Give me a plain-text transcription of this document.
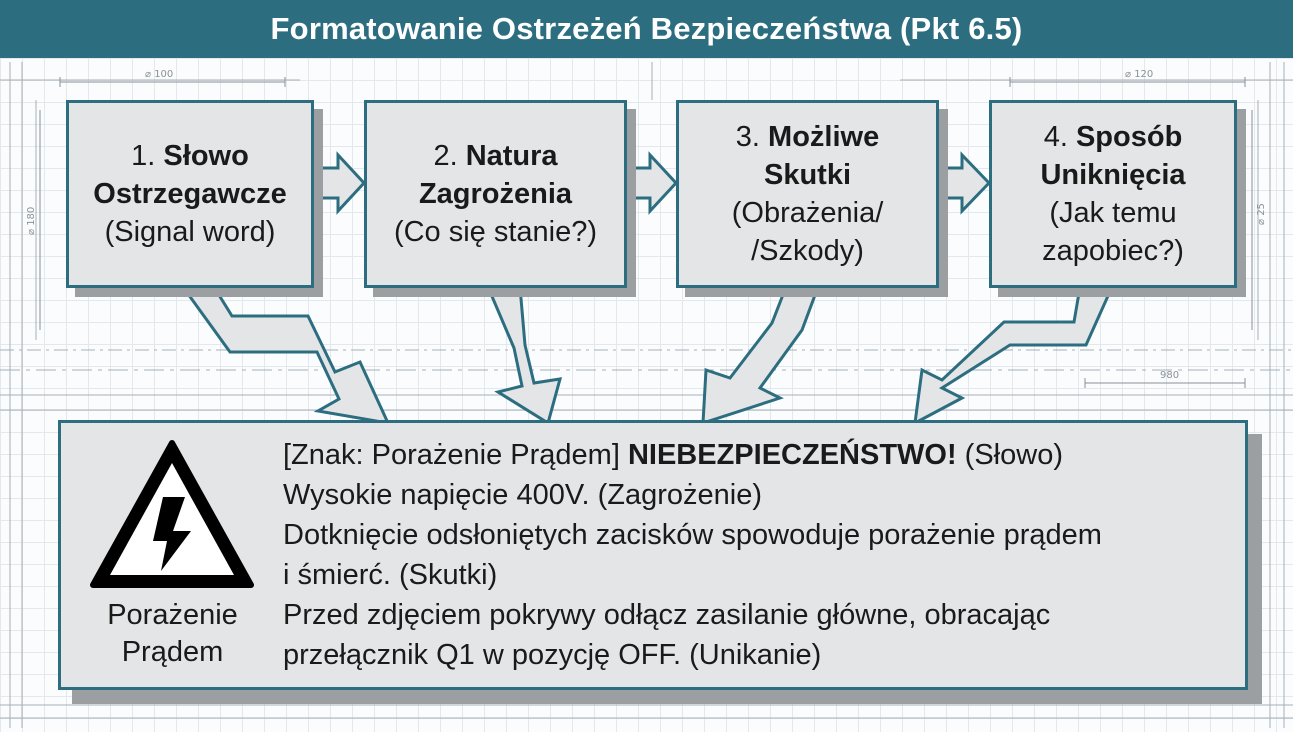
Formatowanie Ostrzeżeń Bezpieczeństwa (Pkt 6.5)
⌀ 100	⌀ 120
980
⌀ 180	⌀ 25
1. Słowo
Ostrzegawcze
(Signal word)
2. Natura
Zagrożenia
(Co się stanie?)
3. Możliwe
Skutki
(Obrażenia/
/Szkody)
4. Sposób
Uniknięcia
(Jak temu
zapobiec?)
Porażenie
Prądem

[Znak: Porażenie Prądem] NIEBEZPIECZEŃSTWO! (Słowo)

Wysokie napięcie 400V. (Zagrożenie)

Dotknięcie odsłoniętych zacisków spowoduje porażenie prądem

i śmierć. (Skutki)

Przed zdjęciem pokrywy odłącz zasilanie główne, obracając

przełącznik Q1 w pozycję OFF. (Unikanie)
